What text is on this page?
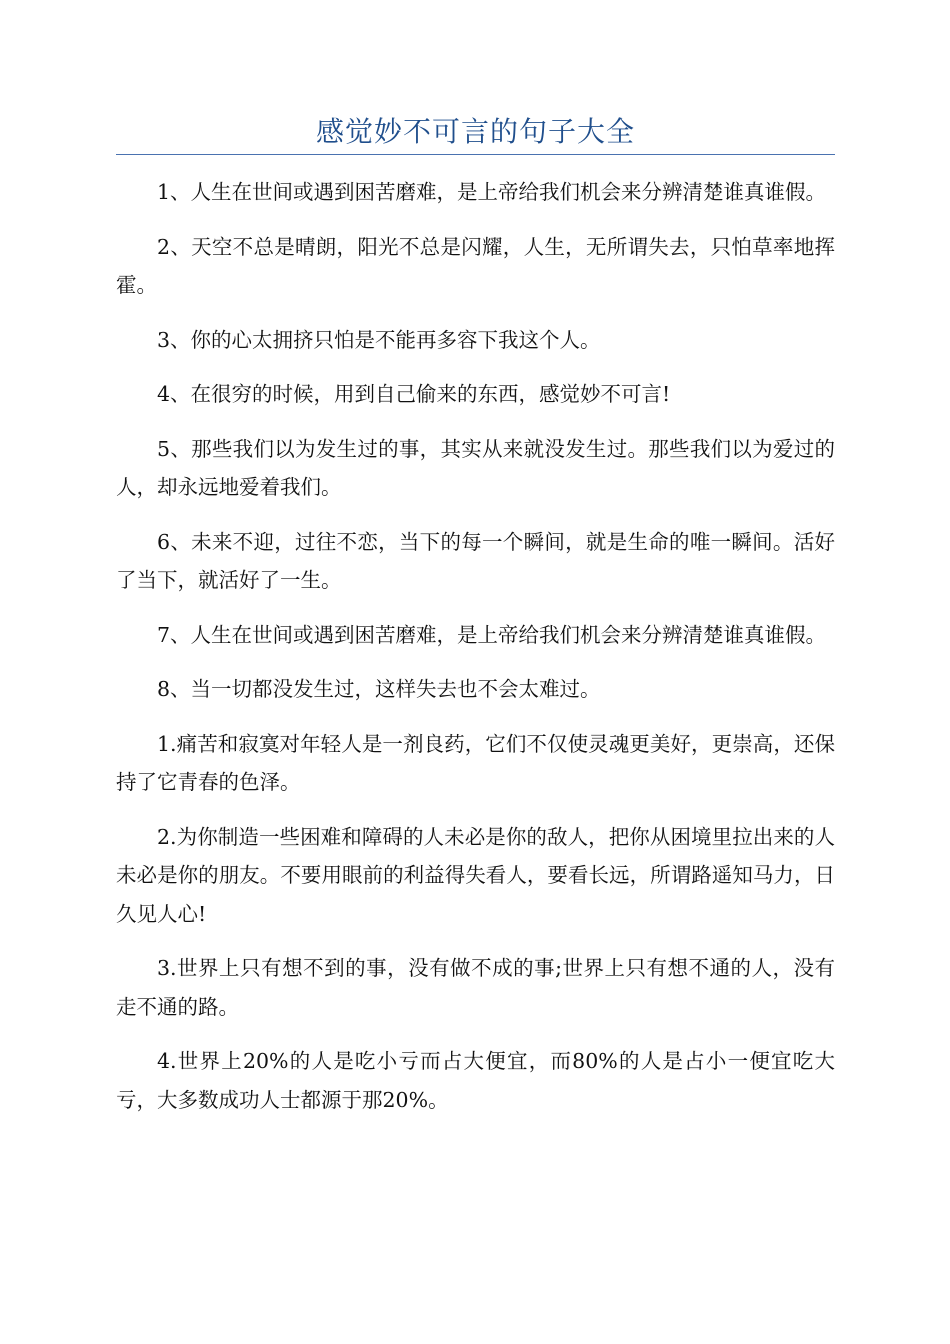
感觉妙不可言的句子大全

1、人生在世间或遇到困苦磨难，是上帝给我们机会来分辨清楚谁真谁假。

2、天空不总是晴朗，阳光不总是闪耀，人生，无所谓失去，只怕草率地挥霍。

3、你的心太拥挤只怕是不能再多容下我这个人。

4、在很穷的时候，用到自己偷来的东西，感觉妙不可言!

5、那些我们以为发生过的事，其实从来就没发生过。那些我们以为爱过的人，却永远地爱着我们。

6、未来不迎，过往不恋，当下的每一个瞬间，就是生命的唯一瞬间。活好了当下，就活好了一生。

7、人生在世间或遇到困苦磨难，是上帝给我们机会来分辨清楚谁真谁假。

8、当一切都没发生过，这样失去也不会太难过。

1.痛苦和寂寞对年轻人是一剂良药，它们不仅使灵魂更美好，更崇高，还保持了它青春的色泽。

2.为你制造一些困难和障碍的人未必是你的敌人，把你从困境里拉出来的人未必是你的朋友。不要用眼前的利益得失看人，要看长远，所谓路遥知马力，日久见人心!

3.世界上只有想不到的事，没有做不成的事;世界上只有想不通的人，没有走不通的路。

4.世界上20%的人是吃小亏而占大便宜，而80%的人是占小一便宜吃大亏，大多数成功人士都源于那20%。
